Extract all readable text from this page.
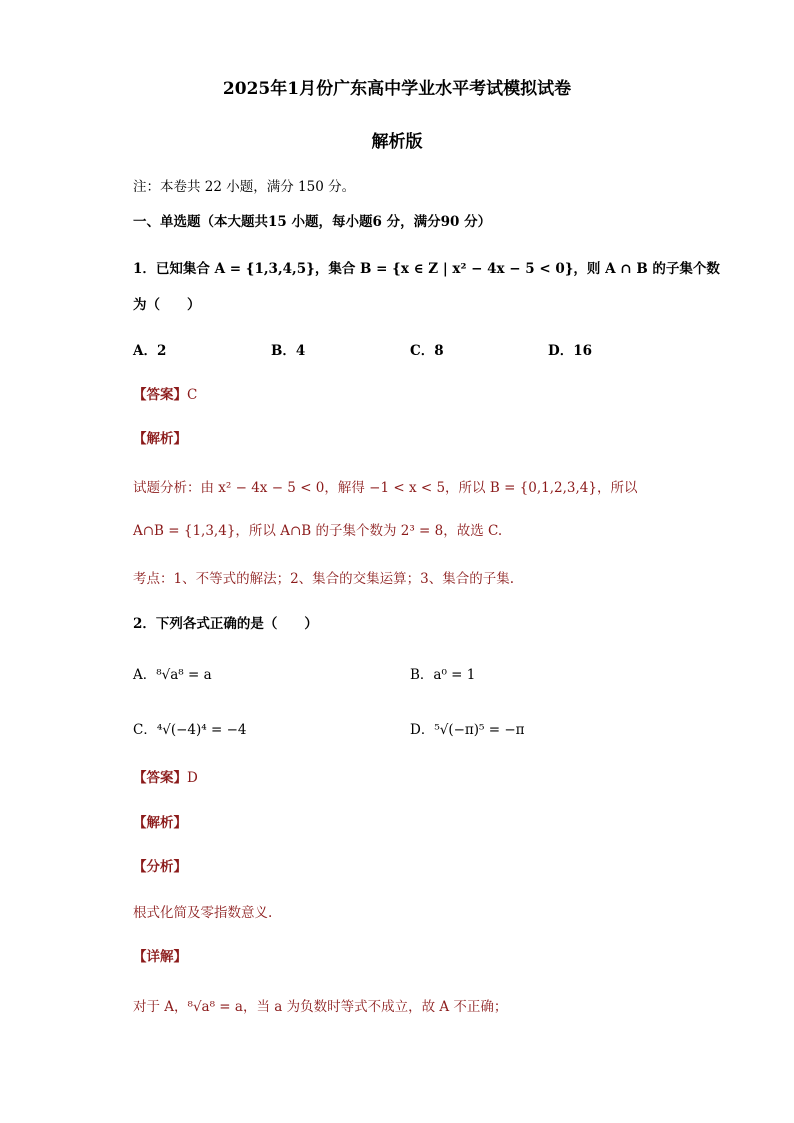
2025年1月份广东高中学业水平考试模拟试卷
解析版
注：本卷共 22 小题，满分 150 分。
一、单选题（本大题共15 小题，每小题6 分，满分90 分）
1．已知集合 A = {1,3,4,5}，集合 B = {x ∈ Z | x² − 4x − 5 < 0}，则 A ∩ B 的子集个数
为（　　）
A．2	B．4	C．8	D．16
【答案】C
【解析】
试题分析：由 x² − 4x − 5 < 0，解得 −1 < x < 5，所以 B = {0,1,2,3,4}，所以
A∩B = {1,3,4}，所以 A∩B 的子集个数为 2³ = 8，故选 C.
考点：1、不等式的解法；2、集合的交集运算；3、集合的子集.
2．下列各式正确的是（　　）
A．⁸√a⁸ = a	B．a⁰ = 1
C．⁴√(−4)⁴ = −4	D．⁵√(−π)⁵ = −π
【答案】D
【解析】
【分析】
根式化简及零指数意义.
【详解】
对于 A，⁸√a⁸ = a，当 a 为负数时等式不成立，故 A 不正确；
